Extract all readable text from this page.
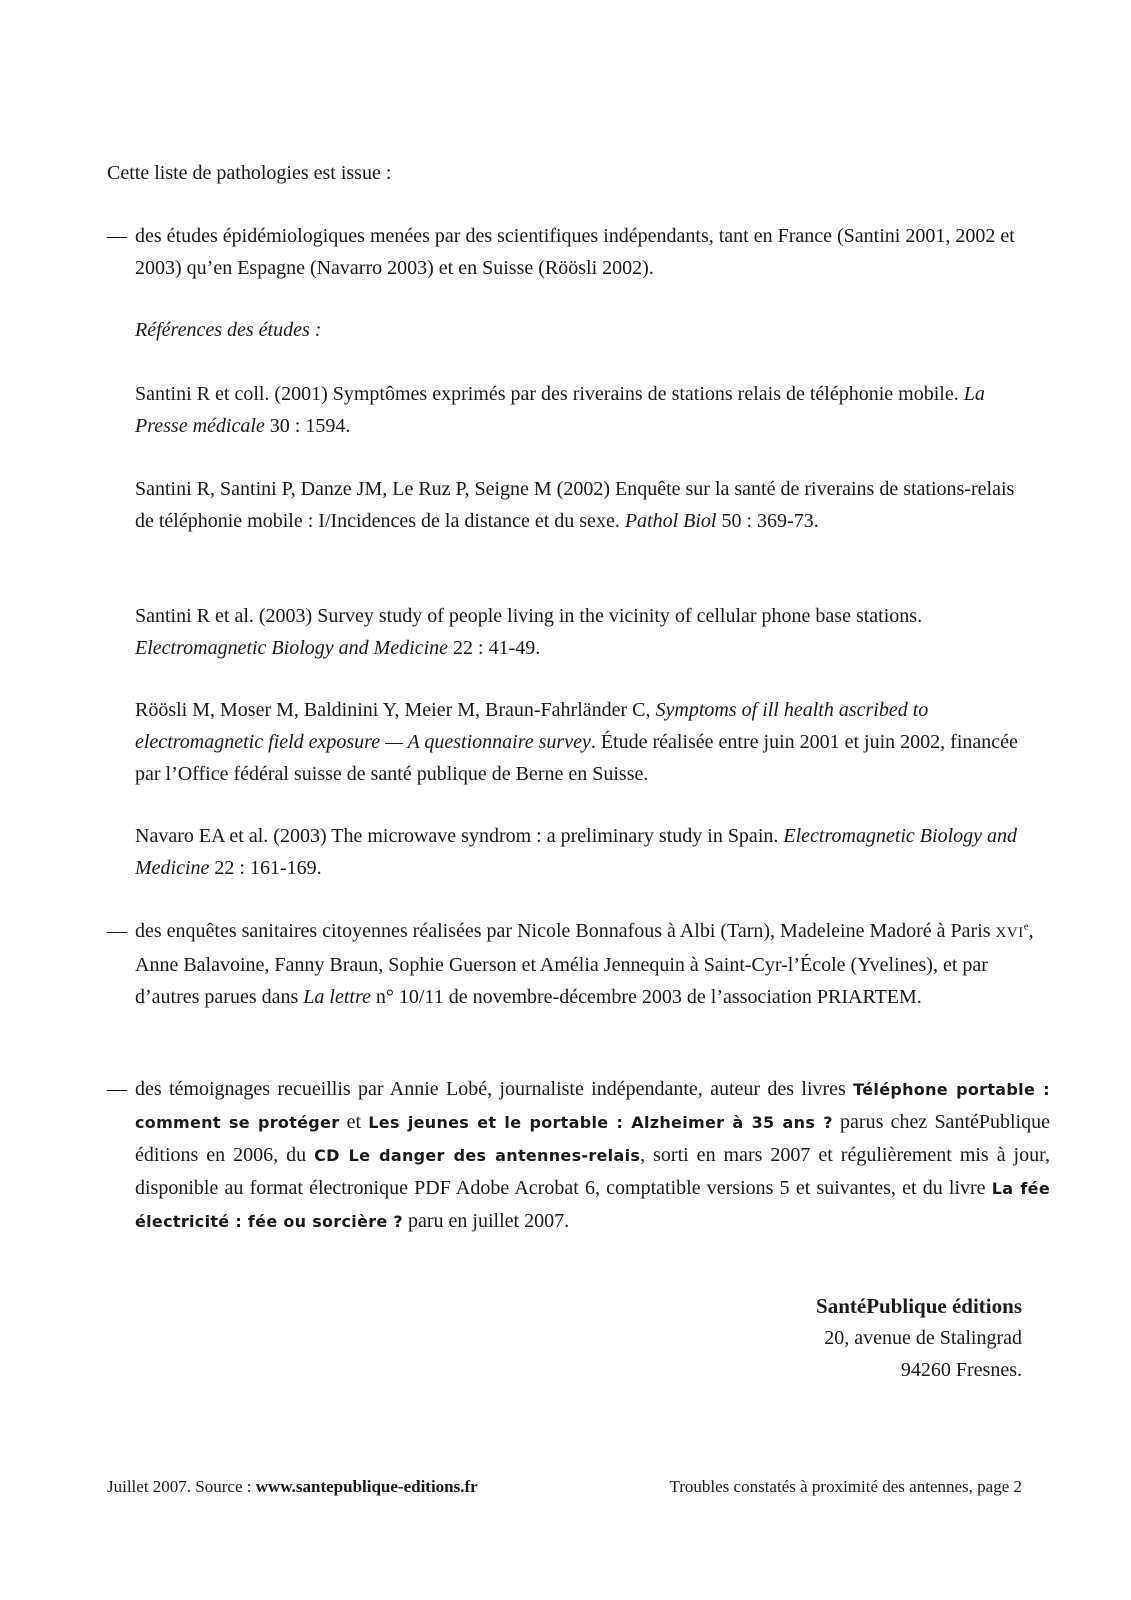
Cette liste de pathologies est issue :

— des études épidémiologiques menées par des scientifiques indépendants, tant en France (Santini 2001, 2002 et 2003) qu’en Espagne (Navarro 2003) et en Suisse (Röösli 2002).

Références des études :

Santini R et coll. (2001) Symptômes exprimés par des riverains de stations relais de téléphonie mobile. La Presse médicale 30 : 1594.

Santini R, Santini P, Danze JM, Le Ruz P, Seigne M (2002) Enquête sur la santé de riverains de stations-relais de téléphonie mobile : I/Incidences de la distance et du sexe. Pathol Biol 50 : 369-73.

Santini R et al. (2003) Survey study of people living in the vicinity of cellular phone base stations. Electromagnetic Biology and Medicine 22 : 41-49.

Röösli M, Moser M, Baldinini Y, Meier M, Braun-Fahrländer C, Symptoms of ill health ascribed to electromagnetic field exposure — A questionnaire survey. Étude réalisée entre juin 2001 et juin 2002, financée par l’Office fédéral suisse de santé publique de Berne en Suisse.

Navaro EA et al. (2003) The microwave syndrom : a preliminary study in Spain. Electromagnetic Biology and Medicine 22 : 161-169.

— des enquêtes sanitaires citoyennes réalisées par Nicole Bonnafous à Albi (Tarn), Madeleine Madoré à Paris XVIe, Anne Balavoine, Fanny Braun, Sophie Guerson et Amélia Jennequin à Saint-Cyr-l’École (Yvelines), et par d’autres parues dans La lettre n° 10/11 de novembre-décembre 2003 de l’association PRIARTEM.

— des témoignages recueillis par Annie Lobé, journaliste indépendante, auteur des livres Téléphone portable : comment se protéger et Les jeunes et le portable : Alzheimer à 35 ans ? parus chez SantéPublique éditions en 2006, du CD Le danger des antennes-relais, sorti en mars 2007 et régulièrement mis à jour, disponible au format électronique PDF Adobe Acrobat 6, comptatible versions 5 et suivantes, et du livre La fée électricité : fée ou sorcière ? paru en juillet 2007.

SantéPublique éditions
20, avenue de Stalingrad
94260 Fresnes.
Juillet 2007. Source : www.santepublique-editions.fr	Troubles constatés à proximité des antennes, page 2
